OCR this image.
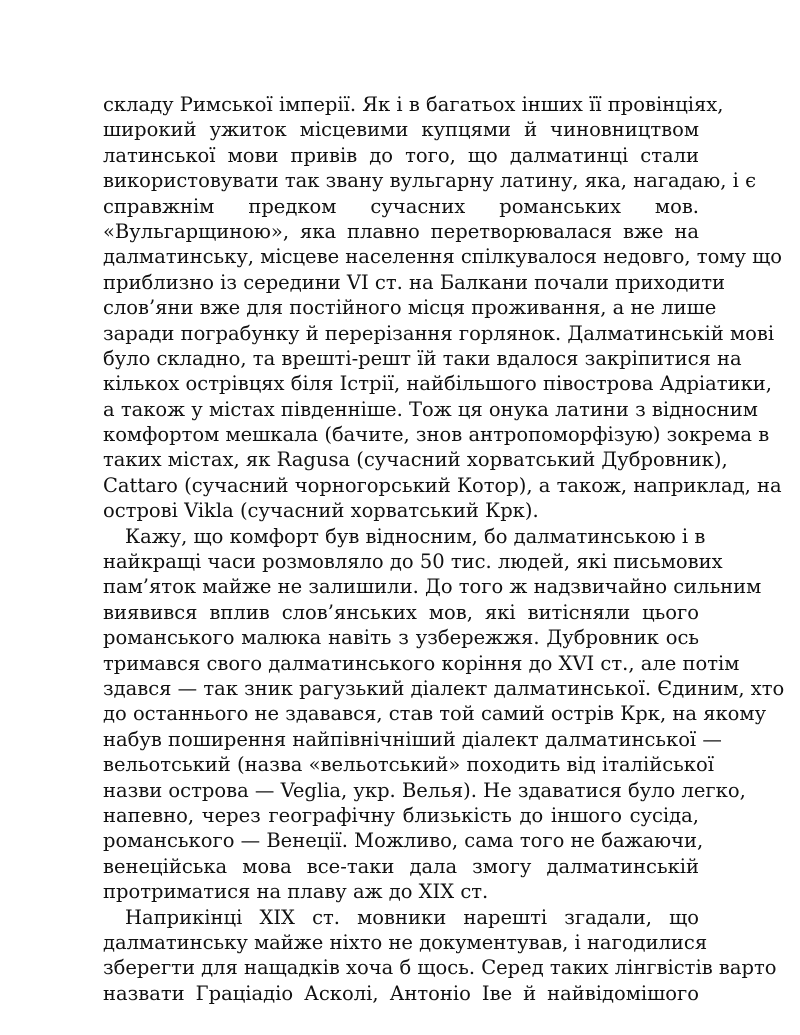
складу Римської імперії. Як і в багатьох інших її провінціях,
широкий ужиток місцевими купцями й чиновництвом
латинської мови привів до того, що далматинці стали
використовувати так звану вульгарну латину, яка, нагадаю, і є
справжнім предком сучасних романських мов.
«Вульгарщиною», яка плавно перетворювалася вже на
далматинську, місцеве населення спілкувалося недовго, тому що
приблизно із середини VI ст. на Балкани почали приходити
слов’яни вже для постійного місця проживання, а не лише
заради пограбунку й перерізання горлянок. Далматинській мові
було складно, та врешті-решт їй таки вдалося закріпитися на
кількох острівцях біля Істрії, найбільшого півострова Адріатики,
а також у містах південніше. Тож ця онука латини з відносним
комфортом мешкала (бачите, знов антропоморфізую) зокрема в
таких містах, як Ragusa (сучасний хорватський Дубровник),
Cattaro (сучасний чорногорський Котор), а також, наприклад, на
острові Vikla (сучасний хорватський Крк).
Кажу, що комфорт був відносним, бо далматинською і в
найкращі часи розмовляло до 50 тис. людей, які письмових
пам’яток майже не залишили. До того ж надзвичайно сильним
виявився вплив слов’янських мов, які витісняли цього
романського малюка навіть з узбережжя. Дубровник ось
тримався свого далматинського коріння до XVI ст., але потім
здався — так зник рагузький діалект далматинської. Єдиним, хто
до останнього не здавався, став той самий острів Крк, на якому
набув поширення найпівнічніший діалект далматинської —
вельотський (назва «вельотський» походить від італійської
назви острова — Veglia, укр. Велья). Не здаватися було легко,
напевно, через географічну близькість до іншого сусіда,
романського — Венеції. Можливо, сама того не бажаючи,
венеційська мова все-таки дала змогу далматинській
протриматися на плаву аж до XIX ст.
Наприкінці XIX ст. мовники нарешті згадали, що
далматинську майже ніхто не документував, і нагодилися
зберегти для нащадків хоча б щось. Серед таких лінгвістів варто
назвати Граціадіо Асколі, Антоніо Іве й найвідомішого
